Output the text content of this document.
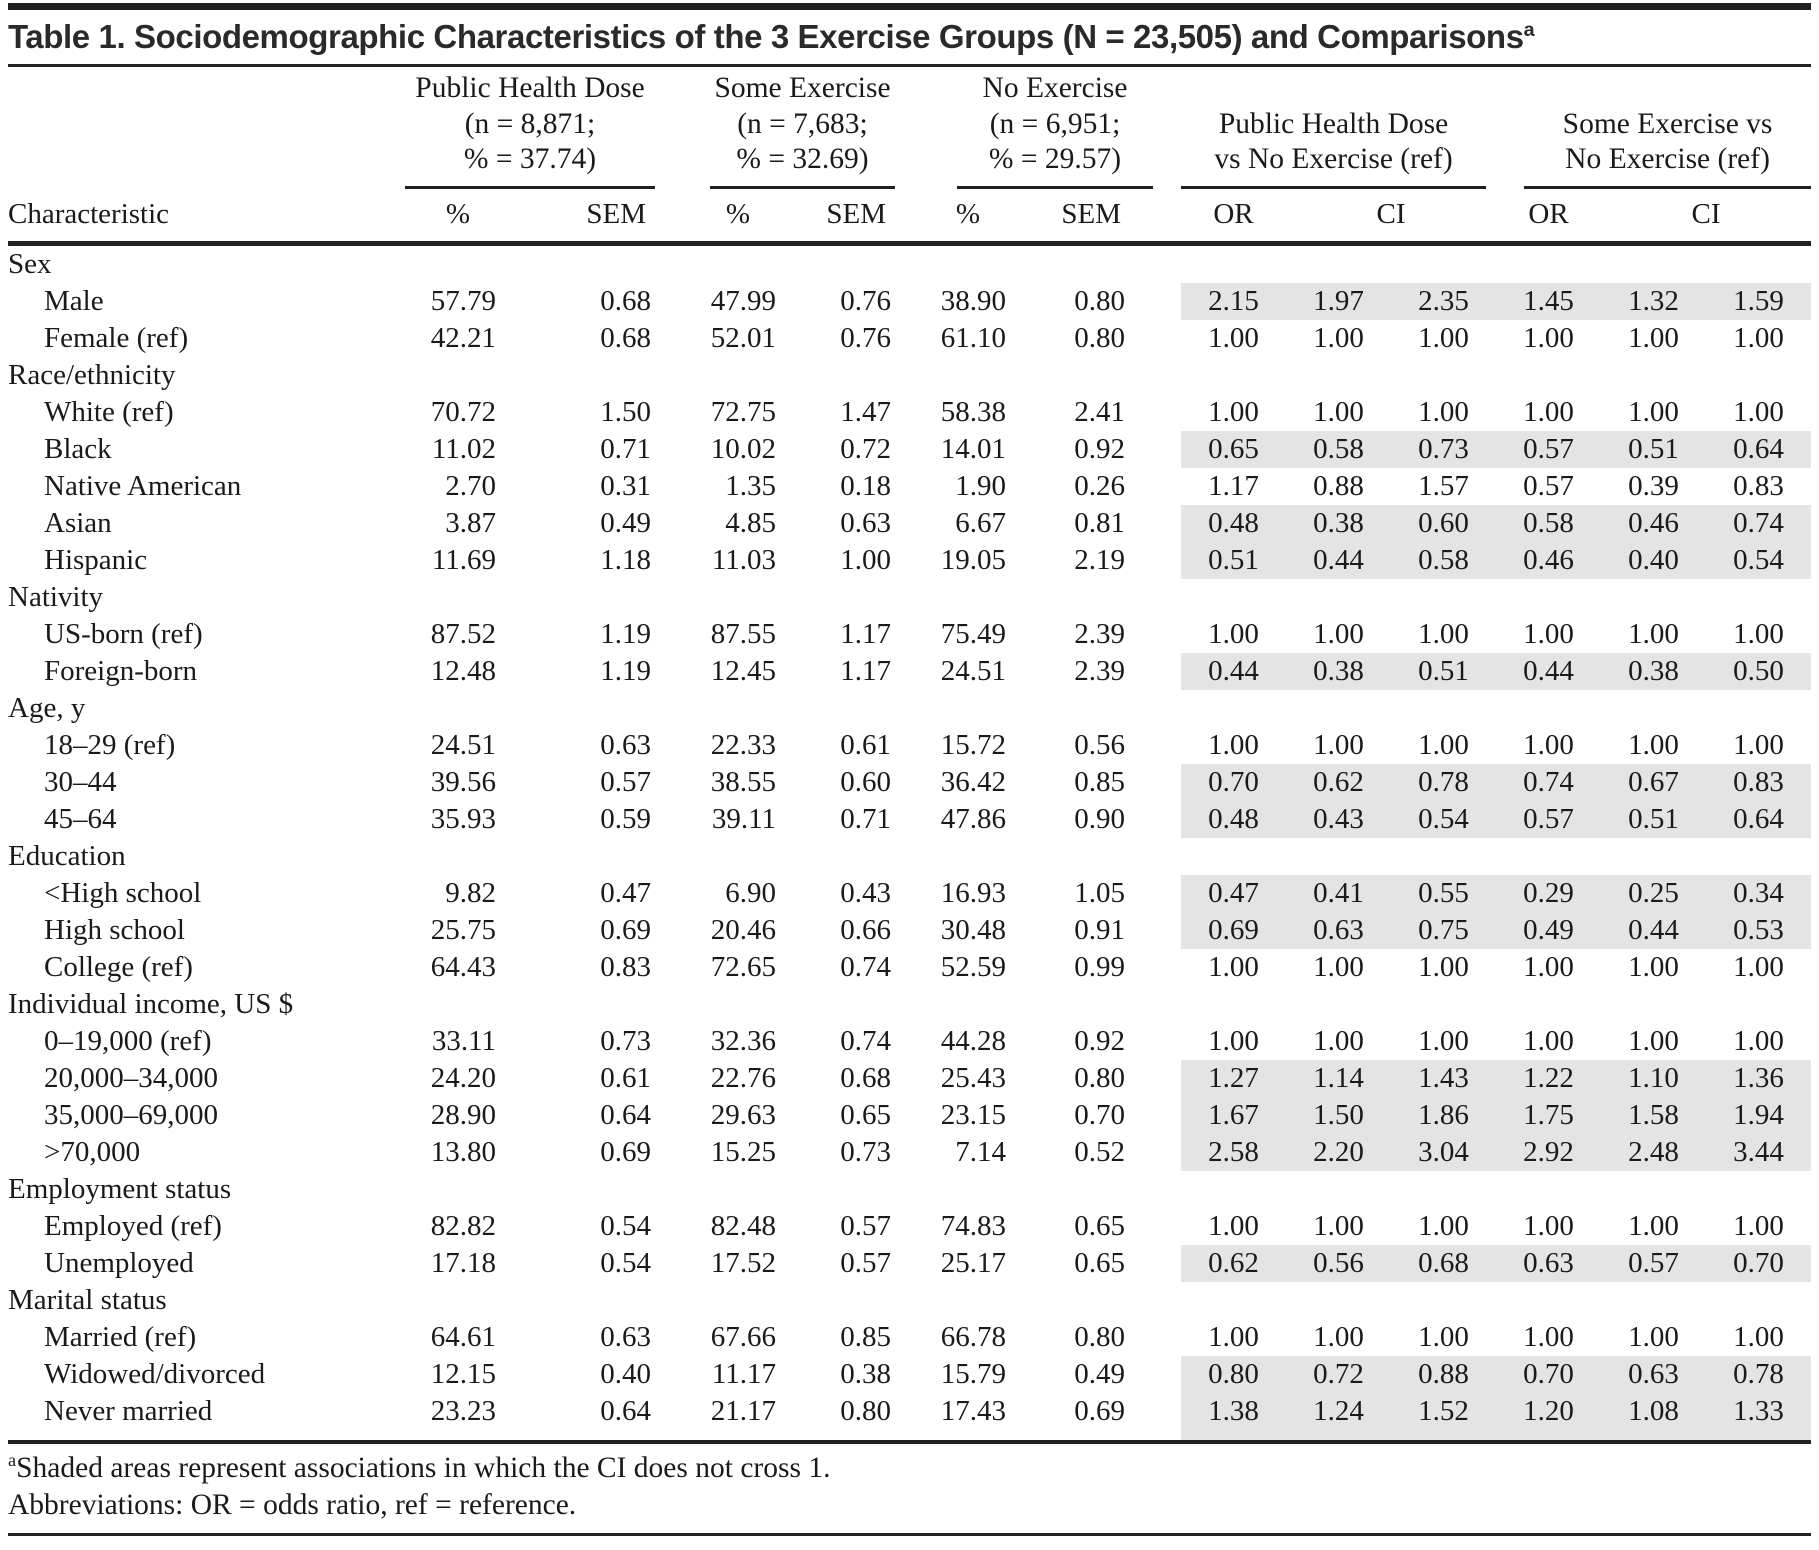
Table 1. Sociodemographic Characteristics of the 3 Exercise Groups (N = 23,505) and Comparisons$^a$

	Public Health Dose
(n = 8,871;
% = 37.74)		Some Exercise
(n = 7,683;
% = 32.69)		No Exercise
(n = 6,951;
% = 29.57)		Public Health Dose
vs No Exercise (ref)			Some Exercise vs
No Exercise (ref)		

Characteristic	%	SEM	%	SEM	%	SEM	OR	CI		OR	CI	
Sex												
Male	57.79	0.68	47.99	0.76	38.90	0.80	2.15	1.97	2.35	1.45	1.32	1.59
Female (ref)	42.21	0.68	52.01	0.76	61.10	0.80	1.00	1.00	1.00	1.00	1.00	1.00
Race/ethnicity												
White (ref)	70.72	1.50	72.75	1.47	58.38	2.41	1.00	1.00	1.00	1.00	1.00	1.00
Black	11.02	0.71	10.02	0.72	14.01	0.92	0.65	0.58	0.73	0.57	0.51	0.64
Native American	2.70	0.31	1.35	0.18	1.90	0.26	1.17	0.88	1.57	0.57	0.39	0.83
Asian	3.87	0.49	4.85	0.63	6.67	0.81	0.48	0.38	0.60	0.58	0.46	0.74
Hispanic	11.69	1.18	11.03	1.00	19.05	2.19	0.51	0.44	0.58	0.46	0.40	0.54
Nativity												
US-born (ref)	87.52	1.19	87.55	1.17	75.49	2.39	1.00	1.00	1.00	1.00	1.00	1.00
Foreign-born	12.48	1.19	12.45	1.17	24.51	2.39	0.44	0.38	0.51	0.44	0.38	0.50
Age, y												
18–29 (ref)	24.51	0.63	22.33	0.61	15.72	0.56	1.00	1.00	1.00	1.00	1.00	1.00
30–44	39.56	0.57	38.55	0.60	36.42	0.85	0.70	0.62	0.78	0.74	0.67	0.83
45–64	35.93	0.59	39.11	0.71	47.86	0.90	0.48	0.43	0.54	0.57	0.51	0.64
Education												
<High school	9.82	0.47	6.90	0.43	16.93	1.05	0.47	0.41	0.55	0.29	0.25	0.34
High school	25.75	0.69	20.46	0.66	30.48	0.91	0.69	0.63	0.75	0.49	0.44	0.53
College (ref)	64.43	0.83	72.65	0.74	52.59	0.99	1.00	1.00	1.00	1.00	1.00	1.00
Individual income, US $												
0–19,000 (ref)	33.11	0.73	32.36	0.74	44.28	0.92	1.00	1.00	1.00	1.00	1.00	1.00
20,000–34,000	24.20	0.61	22.76	0.68	25.43	0.80	1.27	1.14	1.43	1.22	1.10	1.36
35,000–69,000	28.90	0.64	29.63	0.65	23.15	0.70	1.67	1.50	1.86	1.75	1.58	1.94
>70,000	13.80	0.69	15.25	0.73	7.14	0.52	2.58	2.20	3.04	2.92	2.48	3.44
Employment status												
Employed (ref)	82.82	0.54	82.48	0.57	74.83	0.65	1.00	1.00	1.00	1.00	1.00	1.00
Unemployed	17.18	0.54	17.52	0.57	25.17	0.65	0.62	0.56	0.68	0.63	0.57	0.70
Marital status												
Married (ref)	64.61	0.63	67.66	0.85	66.78	0.80	1.00	1.00	1.00	1.00	1.00	1.00
Widowed/divorced	12.15	0.40	11.17	0.38	15.79	0.49	0.80	0.72	0.88	0.70	0.63	0.78
Never married	23.23	0.64	21.17	0.80	17.43	0.69	1.38	1.24	1.52	1.20	1.08	1.33

$^a$Shaded areas represent associations in which the CI does not cross 1.

Abbreviations: OR = odds ratio, ref = reference.
